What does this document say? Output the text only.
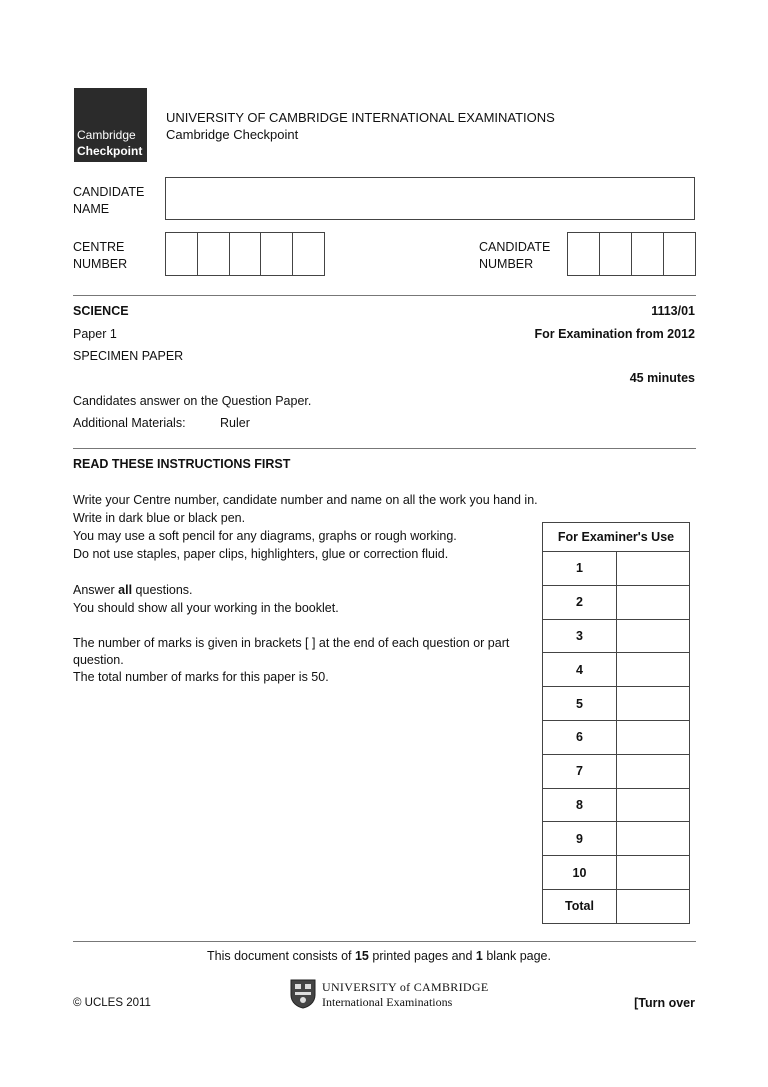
Cambridge
Checkpoint
UNIVERSITY OF CAMBRIDGE INTERNATIONAL EXAMINATIONS
Cambridge Checkpoint
CANDIDATE
NAME
CENTRE
NUMBER
CANDIDATE
NUMBER
SCIENCE	1113/01
Paper 1	For Examination from 2012
SPECIMEN PAPER
45 minutes
Candidates answer on the Question Paper.
Additional Materials:	Ruler
READ THESE INSTRUCTIONS FIRST
Write your Centre number, candidate number and name on all the work you hand in.
Write in dark blue or black pen.
You may use a soft pencil for any diagrams, graphs or rough working.
Do not use staples, paper clips, highlighters, glue or correction fluid.
Answer all questions.
You should show all your working in the booklet.
The number of marks is given in brackets [ ] at the end of each question or part
question.
The total number of marks for this paper is 50.
For Examiner's Use	
1	
2	
3	
4	
5	
6	
7	
8	
9	
10	
Total	
This document consists of 15 printed pages and 1 blank page.
© UCLES 2011
UNIVERSITY of CAMBRIDGE
International Examinations	[Turn over
